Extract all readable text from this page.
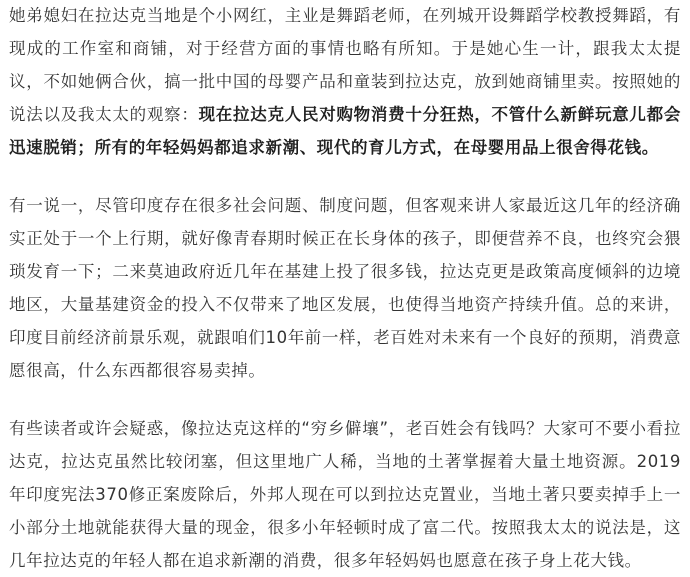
她弟媳妇在拉达克当地是个小网红，主业是舞蹈老师，在列城开设舞蹈学校教授舞蹈，有现成的工作室和商铺，对于经营方面的事情也略有所知。于是她心生一计，跟我太太提议，不如她俩合伙，搞一批中国的母婴产品和童装到拉达克，放到她商铺里卖。按照她的说法以及我太太的观察：现在拉达克人民对购物消费十分狂热，不管什么新鲜玩意儿都会迅速脱销；所有的年轻妈妈都追求新潮、现代的育儿方式，在母婴用品上很舍得花钱。

有一说一，尽管印度存在很多社会问题、制度问题，但客观来讲人家最近这几年的经济确实正处于一个上行期，就好像青春期时候正在长身体的孩子，即便营养不良，也终究会猥琐发育一下；二来莫迪政府近几年在基建上投了很多钱，拉达克更是政策高度倾斜的边境地区，大量基建资金的投入不仅带来了地区发展，也使得当地资产持续升值。总的来讲，印度目前经济前景乐观，就跟咱们10年前一样，老百姓对未来有一个良好的预期，消费意愿很高，什么东西都很容易卖掉。

有些读者或许会疑惑，像拉达克这样的“穷乡僻壤”，老百姓会有钱吗？大家可不要小看拉达克，拉达克虽然比较闭塞，但这里地广人稀，当地的土著掌握着大量土地资源。2019年印度宪法370修正案废除后，外邦人现在可以到拉达克置业，当地土著只要卖掉手上一小部分土地就能获得大量的现金，很多小年轻顿时成了富二代。按照我太太的说法是，这几年拉达克的年轻人都在追求新潮的消费，很多年轻妈妈也愿意在孩子身上花大钱。
